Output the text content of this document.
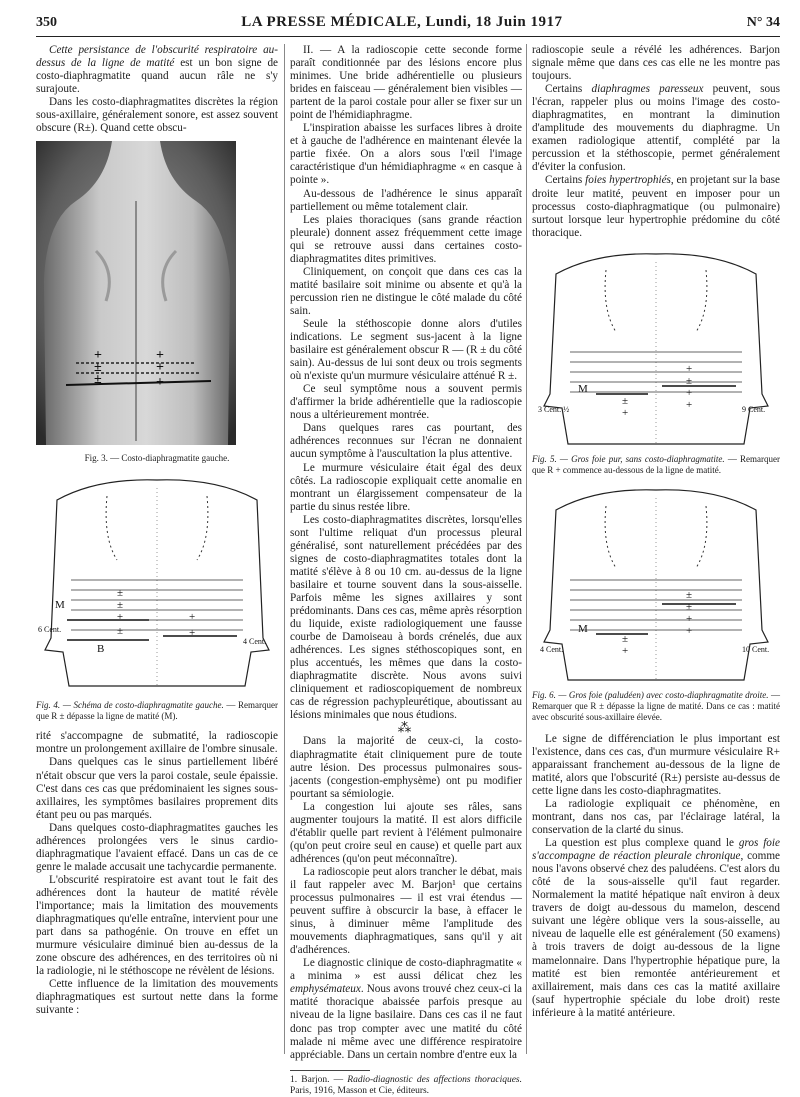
350	LA PRESSE MÉDICALE, Lundi, 18 Juin 1917	N° 34

Cette persistance de l'obscurité respiratoire au-dessus de la ligne de matité est un bon signe de costo-diaphragmatite quand aucun râle ne s'y surajoute.

Dans les costo-diaphragmatites discrètes la région sous-axillaire, généralement sonore, est assez souvent obscure (R±). Quand cette obscu-

+
±
±
+
+
+

Fig. 3. — Costo-diaphragmatite gauche.

±
±
±
±
+
+
M
B
6 Cent.
4 Cent.

Fig. 4. — Schéma de costo-diaphragmatite gauche. — Remarquer que R ± dépasse la ligne de matité (M).

rité s'accompagne de submatité, la radioscopie montre un prolongement axillaire de l'ombre sinusale.

Dans quelques cas le sinus partiellement libéré n'était obscur que vers la paroi costale, seule épaissie. C'est dans ces cas que prédominaient les signes sous-axillaires, les symptômes basilaires proprement dits étant peu ou pas marqués.

Dans quelques costo-diaphragmatites gauches les adhérences prolongées vers le sinus cardio-diaphragmatique l'avaient effacé. Dans un cas de ce genre le malade accusait une tachycardie permanente.

L'obscurité respiratoire est avant tout le fait des adhérences dont la hauteur de matité révèle l'importance; mais la limitation des mouvements diaphragmatiques qu'elle entraîne, intervient pour une part dans sa pathogénie. On trouve en effet un murmure vésiculaire diminué bien au-dessus de la zone obscure des adhérences, en des territoires où ni la radiologie, ni le stéthoscope ne révèlent de lésions.

Cette influence de la limitation des mouvements diaphragmatiques est surtout nette dans la forme suivante :

II. — A la radioscopie cette seconde forme paraît conditionnée par des lésions encore plus minimes. Une bride adhérentielle ou plusieurs brides en faisceau — généralement bien visibles — partent de la paroi costale pour aller se fixer sur un point de l'hémidiaphragme.

L'inspiration abaisse les surfaces libres à droite et à gauche de l'adhérence en maintenant élevée la partie fixée. On a alors sous l'œil l'image caractéristique d'un hémidiaphragme « en casque à pointe ».

Au-dessous de l'adhérence le sinus apparaît partiellement ou même totalement clair.

Les plaies thoraciques (sans grande réaction pleurale) donnent assez fréquemment cette image qui se retrouve aussi dans certaines costo-diaphragmatites dites primitives.

Cliniquement, on conçoit que dans ces cas la matité basilaire soit minime ou absente et qu'à la percussion rien ne distingue le côté malade du côté sain.

Seule la stéthoscopie donne alors d'utiles indications. Le segment sus-jacent à la ligne basilaire est généralement obscur R — (R ± du côté sain). Au-dessus de lui sont deux ou trois segments où n'existe qu'un murmure vésiculaire atténué R ±.

Ce seul symptôme nous a souvent permis d'affirmer la bride adhérentielle que la radioscopie nous a ultérieurement montrée.

Dans quelques rares cas pourtant, des adhérences reconnues sur l'écran ne donnaient aucun symptôme à l'auscultation la plus attentive.

Le murmure vésiculaire était égal des deux côtés. La radioscopie expliquait cette anomalie en montrant un élargissement compensateur de la partie du sinus restée libre.

Les costo-diaphragmatites discrètes, lorsqu'elles sont l'ultime reliquat d'un processus pleural généralisé, sont naturellement précédées par des signes de costo-diaphragmatites totales dont la matité s'élève à 8 ou 10 cm. au-dessus de la ligne basilaire et tourne souvent dans la sous-aisselle. Parfois même les signes axillaires y sont prédominants. Dans ces cas, même après résorption du liquide, existe radiologiquement une fausse courbe de Damoiseau à bords crénelés, due aux adhérences. Les signes stéthoscopiques sont, en plus accentués, les mêmes que dans la costo-diaphragmatite discrète. Nous avons suivi cliniquement et radioscopiquement de nombreux cas de régression pachypleurétique, aboutissant au lésions minimales que nous étudions.

⁂

Dans la majorité de ceux-ci, la costo-diaphragmatite était cliniquement pure de toute autre lésion. Des processus pulmonaires sous-jacents (congestion-emphysème) ont pu modifier pourtant sa sémiologie.

La congestion lui ajoute ses râles, sans augmenter toujours la matité. Il est alors difficile d'établir quelle part revient à l'élément pulmonaire (qu'on peut croire seul en cause) et quelle part aux adhérences (qu'on peut méconnaître).

La radioscopie peut alors trancher le débat, mais il faut rappeler avec M. Barjon¹ que certains processus pulmonaires — il est vrai étendus — peuvent suffire à obscurcir la base, à effacer le sinus, à diminuer même l'amplitude des mouvements diaphragmatiques, sans qu'il y ait d'adhérences.

Le diagnostic clinique de costo-diaphragmatite « a minima » est aussi délicat chez les emphysémateux. Nous avons trouvé chez ceux-ci la matité thoracique abaissée parfois presque au niveau de la ligne basilaire. Dans ces cas il ne faut donc pas trop compter avec une matité du côté malade ni même avec une différence respiratoire appréciable. Dans un certain nombre d'entre eux la

1. Barjon. — Radio-diagnostic des affections thoraciques. Paris, 1916, Masson et Cie, éditeurs.

radioscopie seule a révélé les adhérences. Barjon signale même que dans ces cas elle ne les montre pas toujours.

Certains diaphragmes paresseux peuvent, sous l'écran, rappeler plus ou moins l'image des costo-diaphragmatites, en montrant la diminution d'amplitude des mouvements du diaphragme. Un examen radiologique attentif, complété par la percussion et la stéthoscopie, permet généralement d'éviter la confusion.

Certains foies hypertrophiés, en projetant sur la base droite leur matité, peuvent en imposer pour un processus costo-diaphragmatique (ou pulmonaire) surtout lorsque leur hypertrophie prédomine du côté thoracique.

±
+
+
±
+
+
M
3 Cent. ½	9 Cent.

Fig. 5. — Gros foie pur, sans costo-diaphragmatite. — Remarquer que R + commence au-dessous de la ligne de matité.

±
+
±
±
+
+
M
4 Cent.	10 Cent.

Fig. 6. — Gros foie (paludéen) avec costo-diaphragmatite droite. — Remarquer que R ± dépasse la ligne de matité. Dans ce cas : matité avec obscurité sous-axillaire élevée.

Le signe de différenciation le plus important est l'existence, dans ces cas, d'un murmure vésiculaire R+ apparaissant franchement au-dessous de la ligne de matité, alors que l'obscurité (R±) persiste au-dessus de cette ligne dans les costo-diaphragmatites.

La radiologie expliquait ce phénomène, en montrant, dans nos cas, par l'éclairage latéral, la conservation de la clarté du sinus.

La question est plus complexe quand le gros foie s'accompagne de réaction pleurale chronique, comme nous l'avons observé chez des paludéens. C'est alors du côté de la sous-aisselle qu'il faut regarder. Normalement la matité hépatique naît environ à deux travers de doigt au-dessous du mamelon, descend suivant une légère oblique vers la sous-aisselle, au niveau de laquelle elle est généralement (50 examens) à trois travers de doigt au-dessous de la ligne mamelonnaire. Dans l'hypertrophie hépatique pure, la matité est bien remontée antérieurement et axillairement, mais dans ces cas la matité axillaire (sauf hypertrophie spéciale du lobe droit) reste inférieure à la matité antérieure.
